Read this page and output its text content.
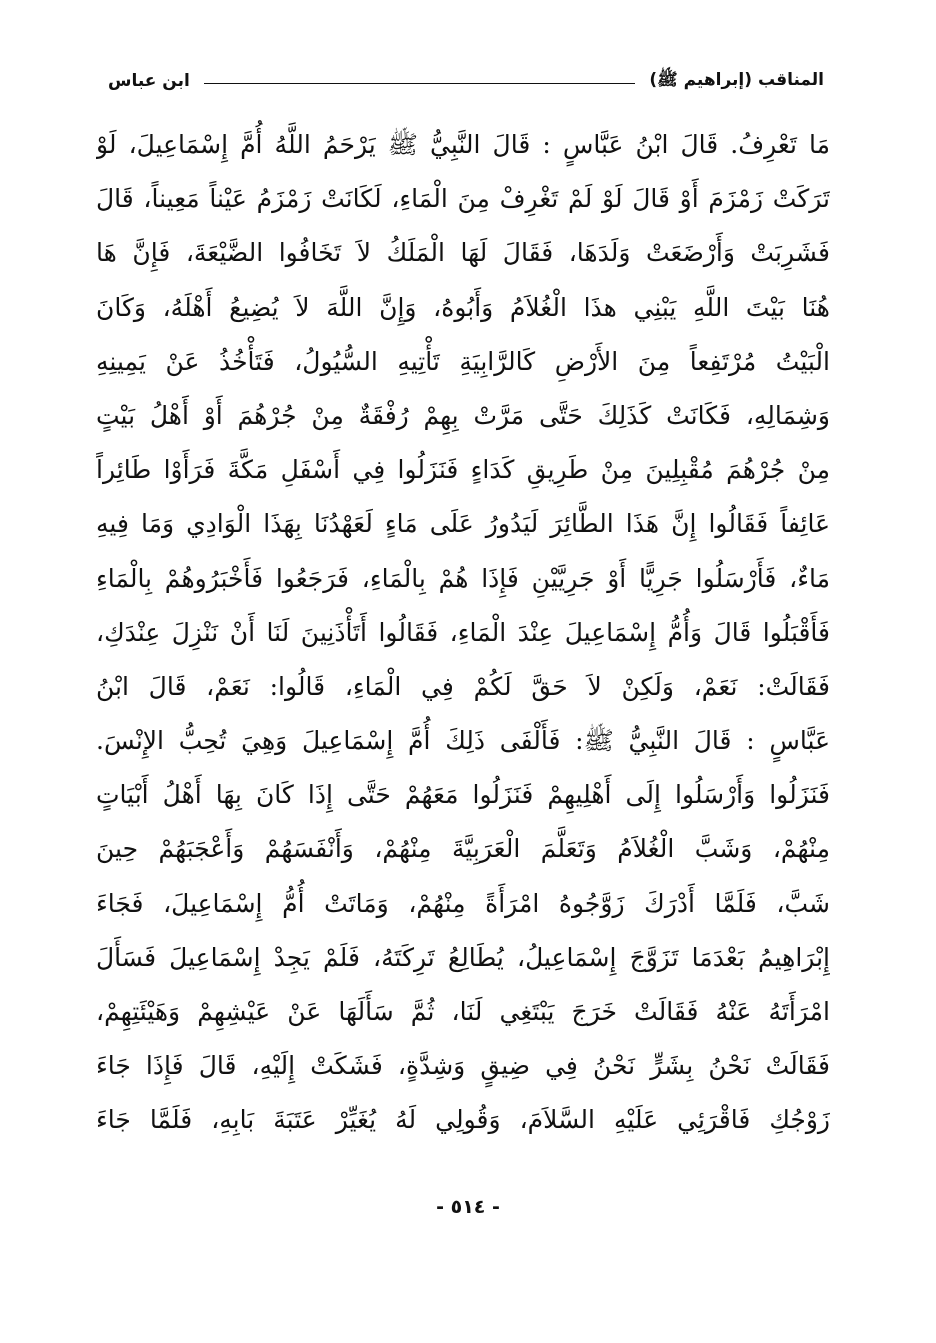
المناقب (إبراهيم ﷺ)
ابن عباس
مَا تَعْرِفُ. قَالَ ابْنُ عَبَّاسٍ : قَالَ النَّبِيُّ ﷺ يَرْحَمُ اللَّهُ أُمَّ إِسْمَاعِيلَ، لَوْ
تَرَكَتْ زَمْزَمَ أَوْ قَالَ لَوْ لَمْ تَغْرِفْ مِنَ الْمَاءِ، لَكَانَتْ زَمْزَمُ عَيْناً مَعِيناً، قَالَ
فَشَرِبَتْ وَأَرْضَعَتْ وَلَدَهَا، فَقَالَ لَهَا الْمَلَكُ لاَ تَخَافُوا الضَّيْعَةَ، فَإِنَّ هَا
هُنَا بَيْتَ اللَّهِ يَبْنِي هذَا الْغُلاَمُ وَأَبُوهُ، وَإِنَّ اللَّهَ لاَ يُضِيعُ أَهْلَهُ، وَكَانَ
الْبَيْتُ مُرْتَفِعاً مِنَ الأَرْضِ كَالرَّابِيَةِ تَأْتِيهِ السُّيُولُ، فَتَأْخُذُ عَنْ يَمِينِهِ
وَشِمَالِهِ، فَكَانَتْ كَذَلِكَ حَتَّى مَرَّتْ بِهِمْ رُفْقَةٌ مِنْ جُرْهُمَ أَوْ أَهْلُ بَيْتٍ
مِنْ جُرْهُمَ مُقْبِلِينَ مِنْ طَرِيقِ كَدَاءٍ فَنَزَلُوا فِي أَسْفَلِ مَكَّةَ فَرَأَوْا طَائِراً
عَائِفاً فَقَالُوا إِنَّ هَذَا الطَّائِرَ لَيَدُورُ عَلَى مَاءٍ لَعَهْدُنَا بِهَذَا الْوَادِي وَمَا فِيهِ
مَاءٌ، فَأَرْسَلُوا جَرِيًّا أَوْ جَرِيَّيْنِ فَإِذَا هُمْ بِالْمَاءِ، فَرَجَعُوا فَأَخْبَرُوهُمْ بِالْمَاءِ
فَأَقْبَلُوا قَالَ وَأُمُّ إِسْمَاعِيلَ عِنْدَ الْمَاءِ، فَقَالُوا أَتَأْذَنِينَ لَنَا أَنْ نَنْزِلَ عِنْدَكِ،
فَقَالَتْ: نَعَمْ، وَلَكِنْ لاَ حَقَّ لَكُمْ فِي الْمَاءِ، قَالُوا: نَعَمْ، قَالَ ابْنُ
عَبَّاسٍ : قَالَ النَّبِيُّ ﷺ: فَأَلْفَى ذَلِكَ أُمَّ إِسْمَاعِيلَ وَهِيَ تُحِبُّ الإِنْسَ.
فَنَزَلُوا وَأَرْسَلُوا إِلَى أَهْلِيهِمْ فَنَزَلُوا مَعَهُمْ حَتَّى إِذَا كَانَ بِهَا أَهْلُ أَبْيَاتٍ
مِنْهُمْ، وَشَبَّ الْغُلاَمُ وَتَعَلَّمَ الْعَرَبِيَّةَ مِنْهُمْ، وَأَنْفَسَهُمْ وَأَعْجَبَهُمْ حِينَ
شَبَّ، فَلَمَّا أَدْرَكَ زَوَّجُوهُ امْرَأَةً مِنْهُمْ، وَمَاتَتْ أُمُّ إِسْمَاعِيلَ، فَجَاءَ
إِبْرَاهِيمُ بَعْدَمَا تَزَوَّجَ إِسْمَاعِيلُ، يُطَالِعُ تَرِكَتَهُ، فَلَمْ يَجِدْ إِسْمَاعِيلَ فَسَأَلَ
امْرَأَتَهُ عَنْهُ فَقَالَتْ خَرَجَ يَبْتَغِي لَنَا، ثُمَّ سَأَلَهَا عَنْ عَيْشِهِمْ وَهَيْئَتِهِمْ،
فَقَالَتْ نَحْنُ بِشَرٍّ نَحْنُ فِي ضِيقٍ وَشِدَّةٍ، فَشَكَتْ إِلَيْهِ، قَالَ فَإِذَا جَاءَ
زَوْجُكِ فَاقْرَئِي عَلَيْهِ السَّلاَمَ، وَقُولِي لَهُ يُغَيِّرْ عَتَبَةَ بَابِهِ، فَلَمَّا جَاءَ
- ٥١٤ -
